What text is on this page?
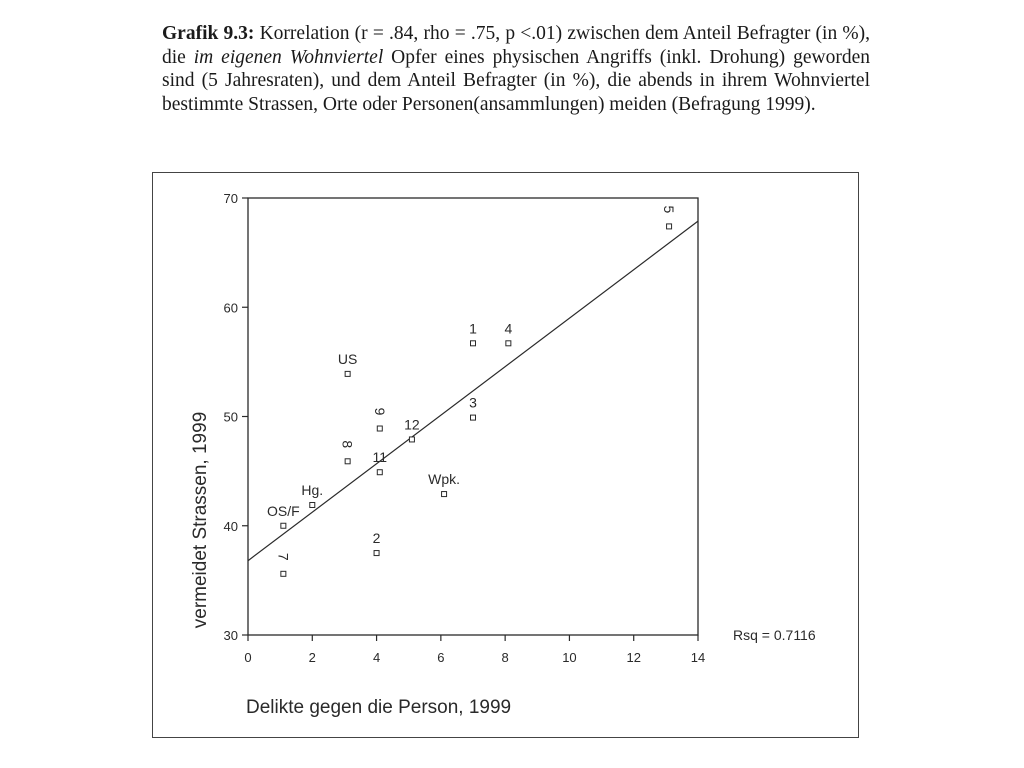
Grafik 9.3: Korrelation (r = .84, rho = .75, p <.01) zwischen dem Anteil Befragter (in %), die im eigenen Wohnviertel Opfer eines physischen Angriffs (inkl. Drohung) geworden sind (5 Jahresraten), und dem Anteil Befragter (in %), die abends in ihrem Wohnviertel bestimmte Strassen, Orte oder Personen(ansammlungen) meiden (Befragung 1999).
30
40
50
60
70
0	2	4	6	8	10	12	14
5
1 4
US
3
9
12
8
11
Wpk.
Hg.
OS/F
2
7
Delikte gegen die Person, 1999
vermeidet Strassen, 1999
Rsq = 0.7116
